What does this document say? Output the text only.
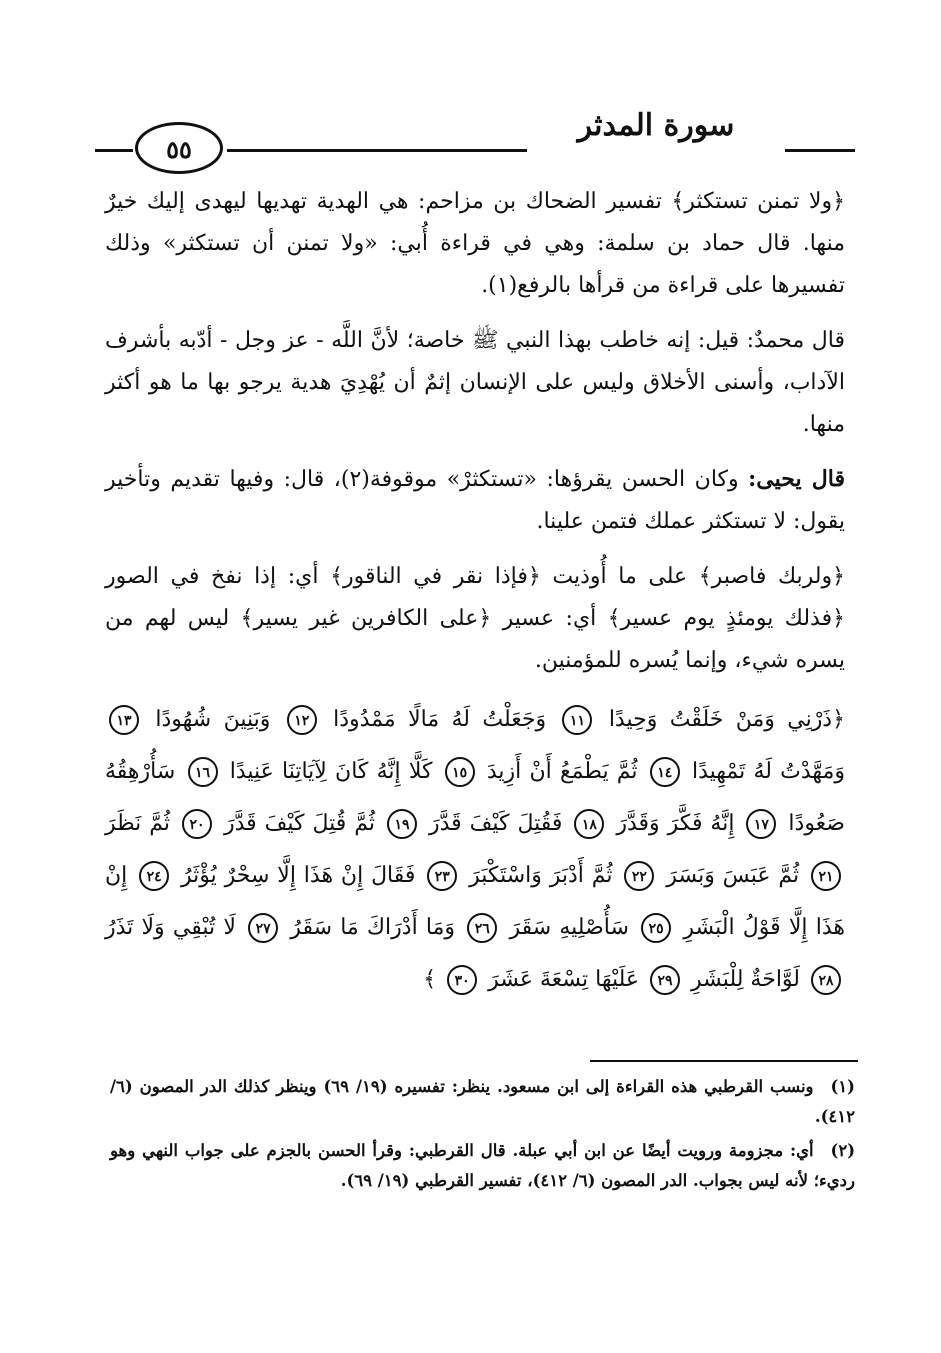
٥٥
سورة المدثر

﴿ولا تمنن تستكثر﴾ تفسير الضحاك بن مزاحم: هي الهدية تهديها ليهدى إليك خيرٌ منها. قال حماد بن سلمة: وهي في قراءة أُبي: «ولا تمنن أن تستكثر» وذلك تفسيرها على قراءة من قرأها بالرفع(١).

قال محمدٌ: قيل: إنه خاطب بهذا النبي ﷺ خاصة؛ لأنَّ اللَّه - عز وجل - أدّبه بأشرف الآداب، وأسنى الأخلاق وليس على الإنسان إثمٌ أن يُهْدِيَ هدية يرجو بها ما هو أكثر منها.

قال يحيى: وكان الحسن يقرؤها: «تستكثرْ» موقوفة(٢)، قال: وفيها تقديم وتأخير يقول: لا تستكثر عملك فتمن علينا.

﴿ولربك فاصبر﴾ على ما أُوذيت ﴿فإذا نقر في الناقور﴾ أي: إذا نفخ في الصور ﴿فذلك يومئذٍ يوم عسير﴾ أي: عسير ﴿على الكافرين غير يسير﴾ ليس لهم من يسره شيء، وإنما يُسره للمؤمنين.

﴿ذَرْنِي وَمَنْ خَلَقْتُ وَحِيدًا ١١ وَجَعَلْتُ لَهُ مَالًا مَمْدُودًا ١٢ وَبَنِينَ شُهُودًا ١٣ وَمَهَّدْتُ لَهُ تَمْهِيدًا ١٤ ثُمَّ يَطْمَعُ أَنْ أَزِيدَ ١٥ كَلَّا إِنَّهُ كَانَ لِآيَاتِنَا عَنِيدًا ١٦ سَأُرْهِقُهُ صَعُودًا ١٧ إِنَّهُ فَكَّرَ وَقَدَّرَ ١٨ فَقُتِلَ كَيْفَ قَدَّرَ ١٩ ثُمَّ قُتِلَ كَيْفَ قَدَّرَ ٢٠ ثُمَّ نَظَرَ ٢١ ثُمَّ عَبَسَ وَبَسَرَ ٢٢ ثُمَّ أَدْبَرَ وَاسْتَكْبَرَ ٢٣ فَقَالَ إِنْ هَذَا إِلَّا سِحْرٌ يُؤْثَرُ ٢٤ إِنْ هَذَا إِلَّا قَوْلُ الْبَشَرِ ٢٥ سَأُصْلِيهِ سَقَرَ ٢٦ وَمَا أَدْرَاكَ مَا سَقَرُ ٢٧ لَا تُبْقِي وَلَا تَذَرُ ٢٨ لَوَّاحَةٌ لِلْبَشَرِ ٢٩ عَلَيْهَا تِسْعَةَ عَشَرَ ٣٠ ﴾

(١) ونسب القرطبي هذه القراءة إلى ابن مسعود. ينظر: تفسيره (١٩/ ٦٩) وينظر كذلك الدر المصون (٦/ ٤١٢).

(٢) أي: مجزومة ورويت أيضًا عن ابن أبي عبلة. قال القرطبي: وقرأ الحسن بالجزم على جواب النهي وهو رديء؛ لأنه ليس بجواب. الدر المصون (٦/ ٤١٢)، تفسير القرطبي (١٩/ ٦٩).
